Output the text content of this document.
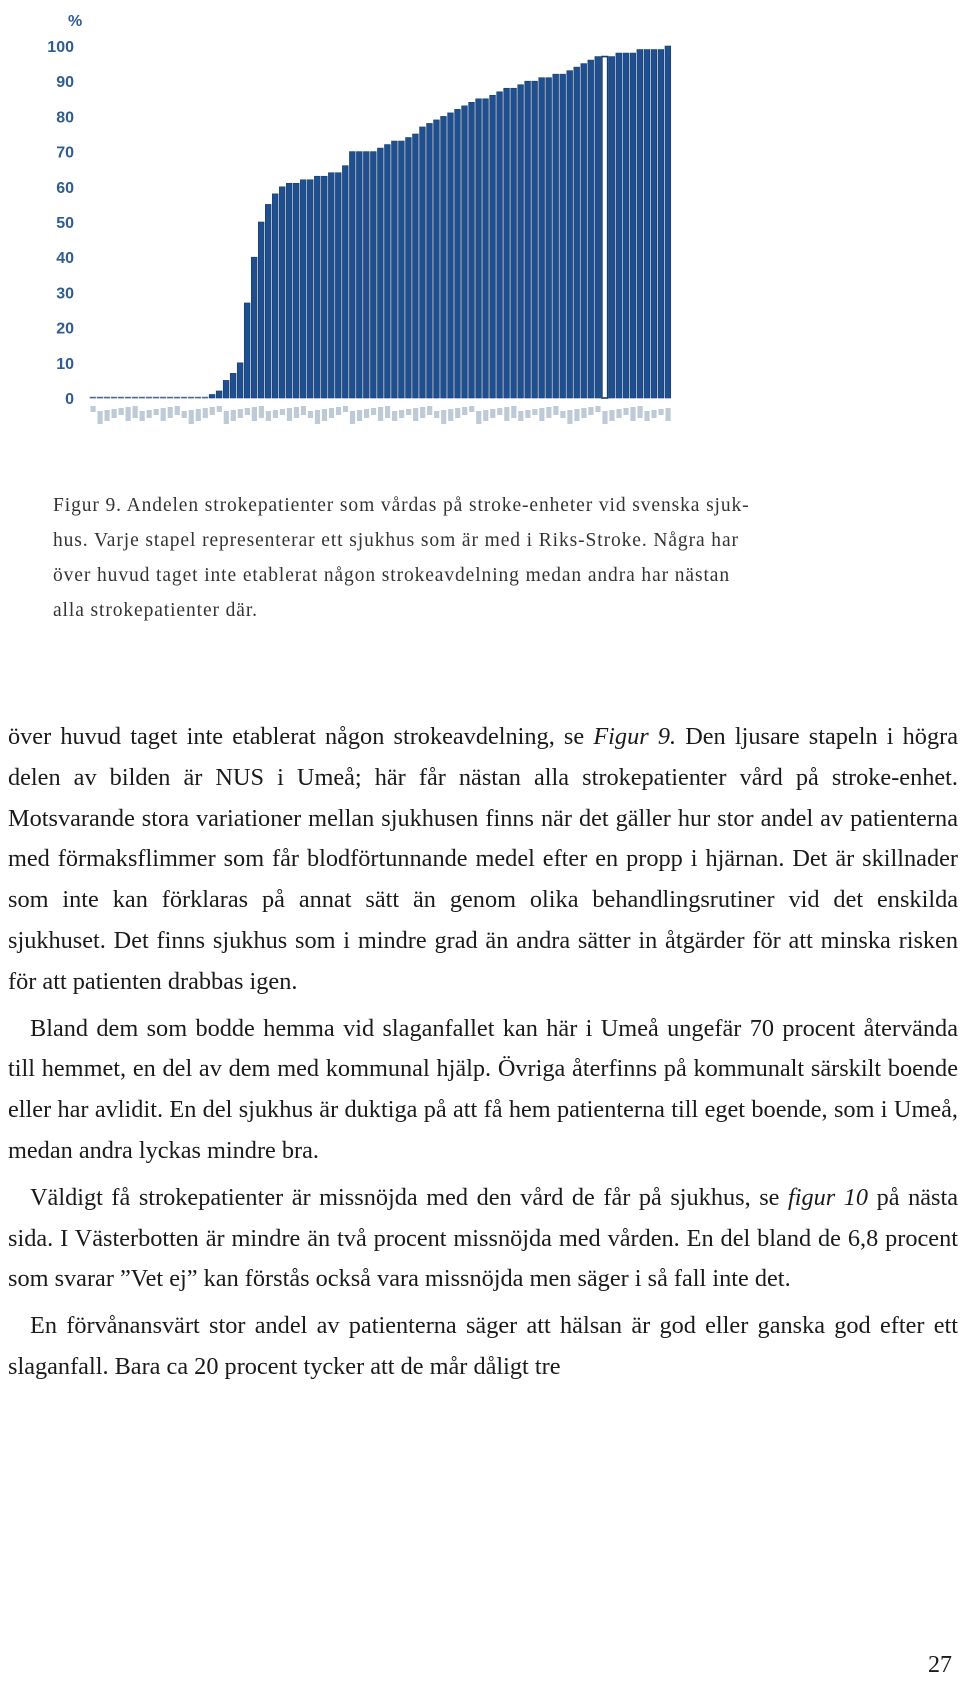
%
0
10
20
30
40
50
60
70
80
90
100
Figur 9. Andelen strokepatienter som vårdas på stroke-enheter vid svenska sjuk-
hus. Varje stapel representerar ett sjukhus som är med i Riks-Stroke. Några har
över huvud taget inte etablerat någon strokeavdelning medan andra har nästan
alla strokepatienter där.

över huvud taget inte etablerat någon strokeavdelning, se Figur 9. Den ljusare stapeln i högra delen av bilden är NUS i Umeå; här får nästan alla strokepatienter vård på stroke-enhet. Motsvarande stora variationer mellan sjukhusen finns när det gäller hur stor andel av patienterna med förmaksflimmer som får blodförtunnande medel efter en propp i hjärnan. Det är skillnader som inte kan förklaras på annat sätt än genom olika behandlingsrutiner vid det enskilda sjukhuset. Det finns sjukhus som i mindre grad än andra sätter in åtgärder för att minska risken för att patienten drabbas igen.

Bland dem som bodde hemma vid slaganfallet kan här i Umeå ungefär 70 procent återvända till hemmet, en del av dem med kommunal hjälp. Övriga återfinns på kommunalt särskilt boende eller har avlidit. En del sjukhus är duktiga på att få hem patienterna till eget boende, som i Umeå, medan andra lyckas mindre bra.

Väldigt få strokepatienter är missnöjda med den vård de får på sjukhus, se figur 10 på nästa sida. I Västerbotten är mindre än två procent missnöjda med vården. En del bland de 6,8 procent som svarar ”Vet ej” kan förstås också vara missnöjda men säger i så fall inte det.

En förvånansvärt stor andel av patienterna säger att hälsan är god eller ganska god efter ett slaganfall. Bara ca 20 procent tycker att de mår dåligt tre

27
